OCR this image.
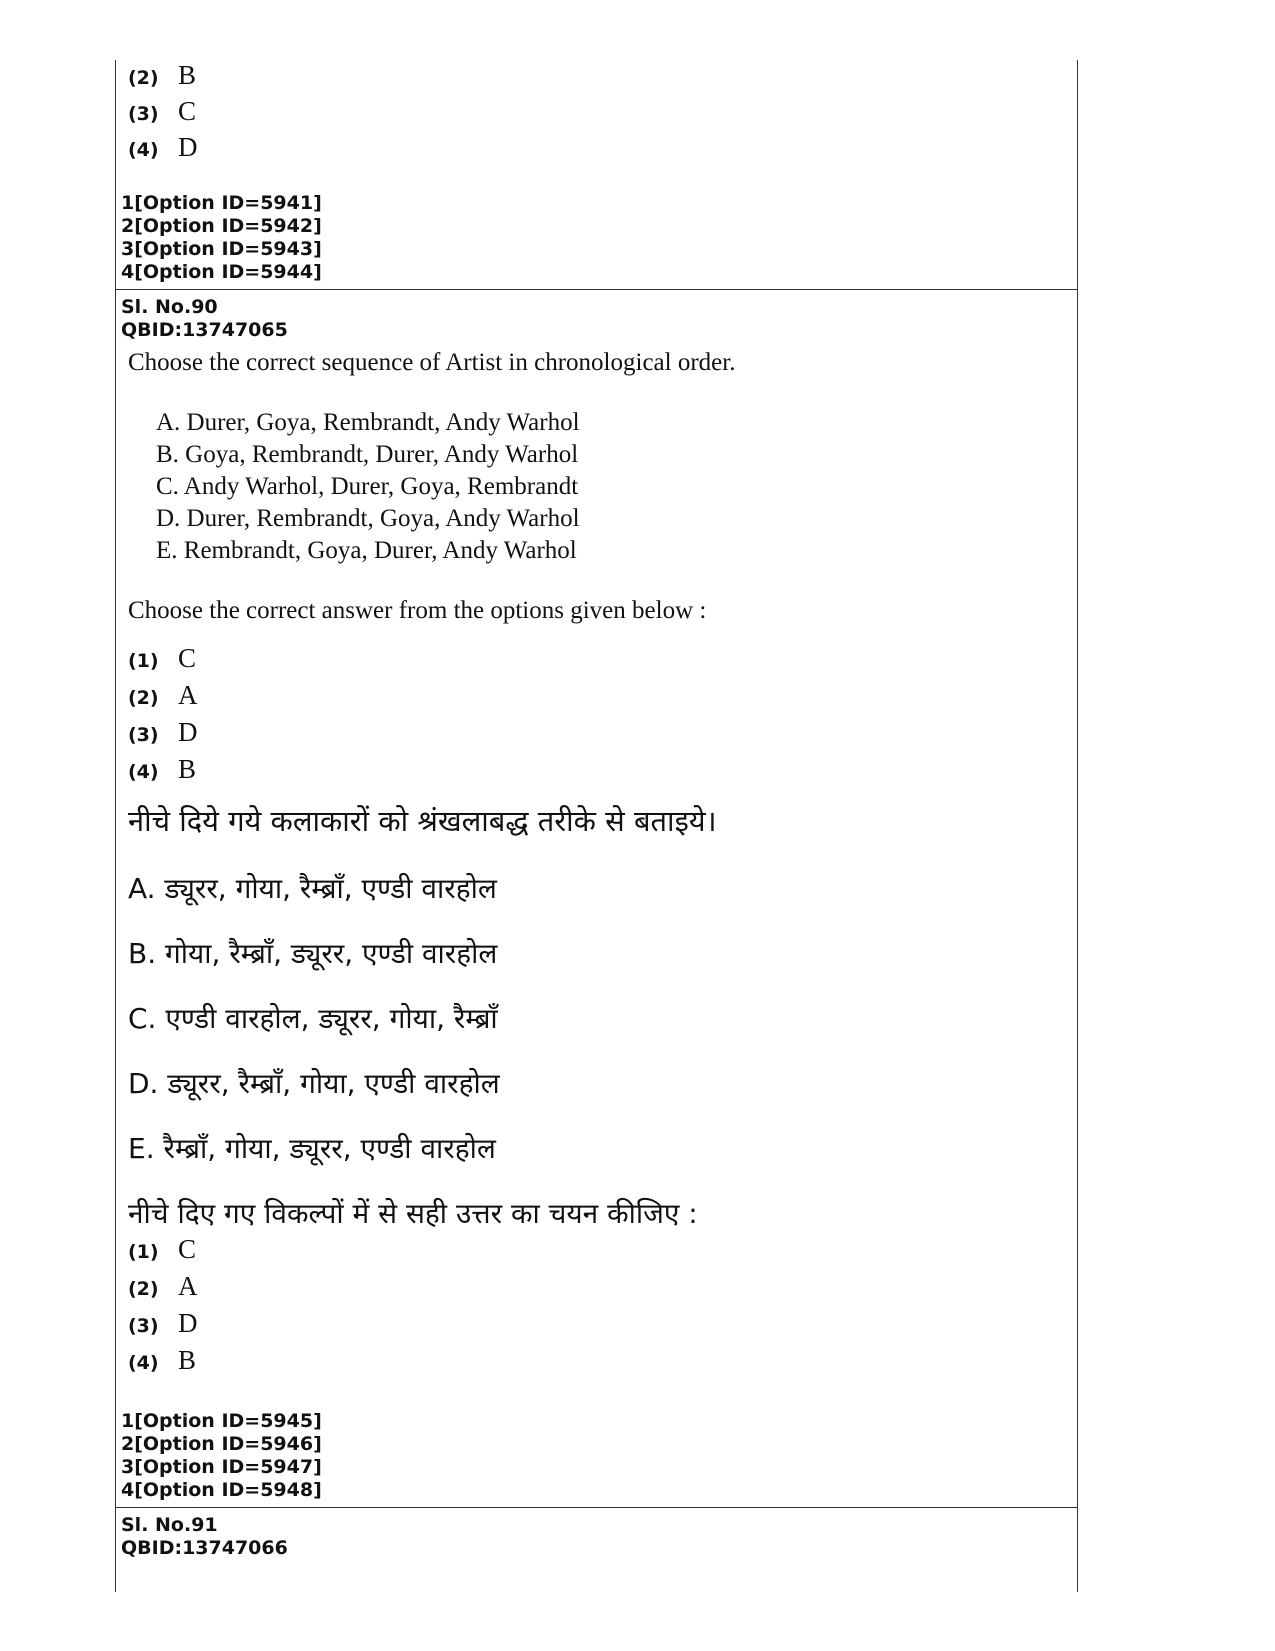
(2) B
(3) C
(4) D
1[Option ID=5941]
2[Option ID=5942]
3[Option ID=5943]
4[Option ID=5944]
Sl. No.90
QBID:13747065
Choose the correct sequence of Artist in chronological order.
A. Durer, Goya, Rembrandt, Andy Warhol
B. Goya, Rembrandt, Durer, Andy Warhol
C. Andy Warhol, Durer, Goya, Rembrandt
D. Durer, Rembrandt, Goya, Andy Warhol
E. Rembrandt, Goya, Durer, Andy Warhol
Choose the correct answer from the options given below :
(1) C
(2) A
(3) D
(4) B
नीचे दिये गये कलाकारों को श्रंखलाबद्ध तरीके से बताइये।
A. ड्यूरर, गोया, रैम्ब्राँ, एण्डी वारहोल
B. गोया, रैम्ब्राँ, ड्यूरर, एण्डी वारहोल
C. एण्डी वारहोल, ड्यूरर, गोया, रैम्ब्राँ
D. ड्यूरर, रैम्ब्राँ, गोया, एण्डी वारहोल
E. रैम्ब्राँ, गोया, ड्यूरर, एण्डी वारहोल
नीचे दिए गए विकल्पों में से सही उत्तर का चयन कीजिए :
(1) C
(2) A
(3) D
(4) B
1[Option ID=5945]
2[Option ID=5946]
3[Option ID=5947]
4[Option ID=5948]
Sl. No.91
QBID:13747066
